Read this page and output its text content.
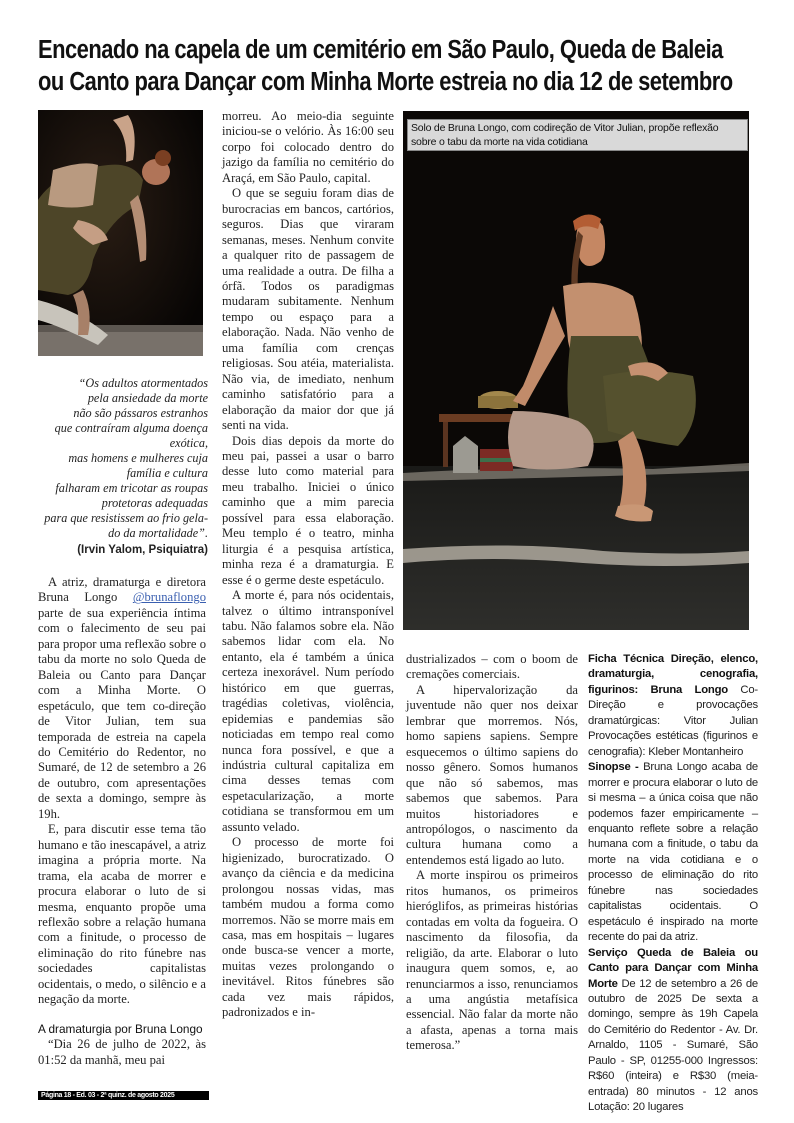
Encenado na capela de um cemitério em São Paulo, Queda de Baleia
ou Canto para Dançar com Minha Morte estreia no dia 12 de setembro
“Os adultos atormentados
pela ansiedade da morte
não são pássaros estranhos
que contraíram alguma doença
exótica,
mas homens e mulheres cuja
família e cultura
falharam em tricotar as roupas
protetoras adequadas
para que resistissem ao frio gela-
do da mortalidade”.
(Irvin Yalom, Psiquiatra)

A atriz, dramaturga e diretora Bruna Longo @brunaflongo parte de sua experiência íntima com o falecimento de seu pai para propor uma reflexão sobre o tabu da morte no solo Queda de Baleia ou Canto para Dançar com a Minha Morte. O espetáculo, que tem co-direção de Vitor Julian, tem sua temporada de estreia na capela do Cemitério do Redentor, no Sumaré, de 12 de setembro a 26 de outubro, com apresentações de sexta a domingo, sempre às 19h.

E, para discutir esse tema tão humano e tão inescapável, a atriz imagina a própria morte. Na trama, ela acaba de morrer e procura elaborar o luto de si mesma, enquanto propõe uma reflexão sobre a relação humana com a finitude, o processo de eliminação do rito fúnebre nas sociedades capitalistas ocidentais, o medo, o silêncio e a negação da morte.

A dramaturgia por Bruna Longo

“Dia 26 de julho de 2022, às 01:52 da manhã, meu pai

morreu. Ao meio-dia seguinte iniciou-se o velório. Às 16:00 seu corpo foi colocado dentro do jazigo da família no cemitério do Araçá, em São Paulo, capital.

O que se seguiu foram dias de burocracias em bancos, cartórios, seguros. Dias que viraram semanas, meses. Nenhum convite a qualquer rito de passagem de uma realidade a outra. De filha a órfã. Todos os paradigmas mudaram subitamente. Nenhum tempo ou espaço para a elaboração. Nada. Não venho de uma família com crenças religiosas. Sou atéia, materialista. Não via, de imediato, nenhum caminho satisfatório para a elaboração da maior dor que já senti na vida.

Dois dias depois da morte do meu pai, passei a usar o barro desse luto como material para meu trabalho. Iniciei o único caminho que a mim parecia possível para essa elaboração. Meu templo é o teatro, minha liturgia é a pesquisa artística, minha reza é a dramaturgia. E esse é o germe deste espetáculo.

A morte é, para nós ocidentais, talvez o último intransponível tabu. Não falamos sobre ela. Não sabemos lidar com ela. No entanto, ela é também a única certeza inexorável. Num período histórico em que guerras, tragédias coletivas, violência, epidemias e pandemias são noticiadas em tempo real como nunca fora possível, e que a indústria cultural capitaliza em cima desses temas com espetacularização, a morte cotidiana se transformou em um assunto velado.

O processo de morte foi higienizado, burocratizado. O avanço da ciência e da medicina prolongou nossas vidas, mas também mudou a forma como morremos. Não se morre mais em casa, mas em hospitais – lugares onde busca-se vencer a morte, muitas vezes prolongando o inevitável. Ritos fúnebres são cada vez mais rápidos, padronizados e in-

Solo de Bruna Longo, com codireção de Vitor Julian, propõe reflexão sobre o tabu da morte na vida cotidiana

dustrializados – com o boom de cremações comerciais.

A hipervalorização da juventude não quer nos deixar lembrar que morremos. Nós, homo sapiens sapiens. Sempre esquecemos o último sapiens do nosso gênero. Somos humanos que não só sabemos, mas sabemos que sabemos. Para muitos historiadores e antropólogos, o nascimento da cultura humana como a entendemos está ligado ao luto.

A morte inspirou os primeiros ritos humanos, os primeiros hieróglifos, as primeiras histórias contadas em volta da fogueira. O nascimento da filosofia, da religião, da arte. Elaborar o luto inaugura quem somos, e, ao renunciarmos a isso, renunciamos a uma angústia metafísica essencial. Não falar da morte não a afasta, apenas a torna mais temerosa.”

Ficha Técnica Direção, elenco, dramaturgia, cenografia, figurinos: Bruna Longo Co-Direção e provocações dramatúrgicas: Vitor Julian Provocações estéticas (figurinos e cenografia): Kleber Montanheiro

Sinopse - Bruna Longo acaba de morrer e procura elaborar o luto de si mesma – a única coisa que não podemos fazer empiricamente – enquanto reflete sobre a relação humana com a finitude, o tabu da morte na vida cotidiana e o processo de eliminação do rito fúnebre nas sociedades capitalistas ocidentais. O espetáculo é inspirado na morte recente do pai da atriz.

Serviço Queda de Baleia ou Canto para Dançar com Minha Morte De 12 de setembro a 26 de outubro de 2025 De sexta a domingo, sempre às 19h Capela do Cemitério do Redentor - Av. Dr. Arnaldo, 1105 - Sumaré, São Paulo - SP, 01255-000 Ingressos: R$60 (inteira) e R$30 (meia-entrada) 80 minutos - 12 anos Lotação: 20 lugares

Página 18 - Ed. 03 - 2ª quinz. de agosto 2025
